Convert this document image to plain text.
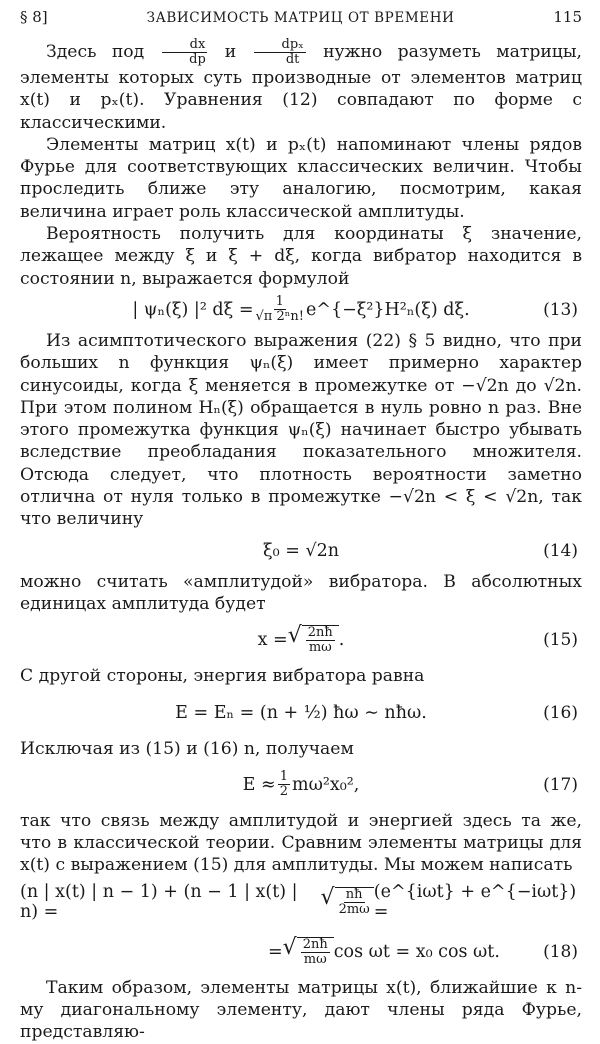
§ 8]	ЗАВИСИМОСТЬ МАТРИЦ ОТ ВРЕМЕНИ	115

Здесь под $\frac{dx}{dp}$ и $\frac{\text{dpₓ}}{dt}$ нужно разуметь матрицы, элементы которых суть производные от элементов матриц x(t) и pₓ(t). Уравнения (12) совпадают по форме с классическими.

Элементы матриц x(t) и pₓ(t) напоминают члены рядов Фурье для соответствующих классических величин. Чтобы проследить ближе эту аналогию, посмотрим, какая величина играет роль классической амплитуды.

Вероятность получить для координаты ξ значение, лежащее между ξ и ξ + dξ, когда вибратор находится в состоянии n, выражается формулой

| ψₙ(ξ) |² $d\xi = \frac{1}{\text{√π 2ⁿn!}}$ e^{−ξ²}H²ₙ(ξ) dξ.	(13)

Из асимптотического выражения (22) § 5 видно, что при больших n функция ψₙ(ξ) имеет примерно характер синусоиды, когда ξ меняется в промежутке от −√2n до √2n. При этом полином Hₙ(ξ) обращается в нуль ровно n раз. Вне этого промежутка функция ψₙ(ξ) начинает быстро убывать вследствие преобладания показательного множителя. Отсюда следует, что плотность вероятности заметно отлична от нуля только в промежутке −√2n < ξ < √2n, так что величину

ξ₀ = √2n	(14)

можно считать «амплитудой» вибратора. В абсолютных единицах амплитуда будет

x = √ $\frac{2nħ}{m\omega}$ .	(15)

С другой стороны, энергия вибратора равна

E = Eₙ = (n + ½) ħω ∼ nħω.	(16)

Исключая из (15) и (16) n, получаем

$E \approx \frac{1}{2} m\omega^2x_0^2$,	(17)

так что связь между амплитудой и энергией здесь та же, что в классической теории. Сравним элементы матрицы для x(t) с выражением (15) для амплитуды. Мы можем написать

(n | x(t) | n − 1) + (n − 1 | x(t) | n) =
√ $\frac{nħ}{2m\omega}$ (e^{iωt} + e^{−iωt}) =
= √ $\frac{2nħ}{m\omega}$ cos ωt = x₀ cos ωt.	(18)

Таким образом, элементы матрицы x(t), ближайшие к n-му диагональному элементу, дают члены ряда Фурье, представляю-
